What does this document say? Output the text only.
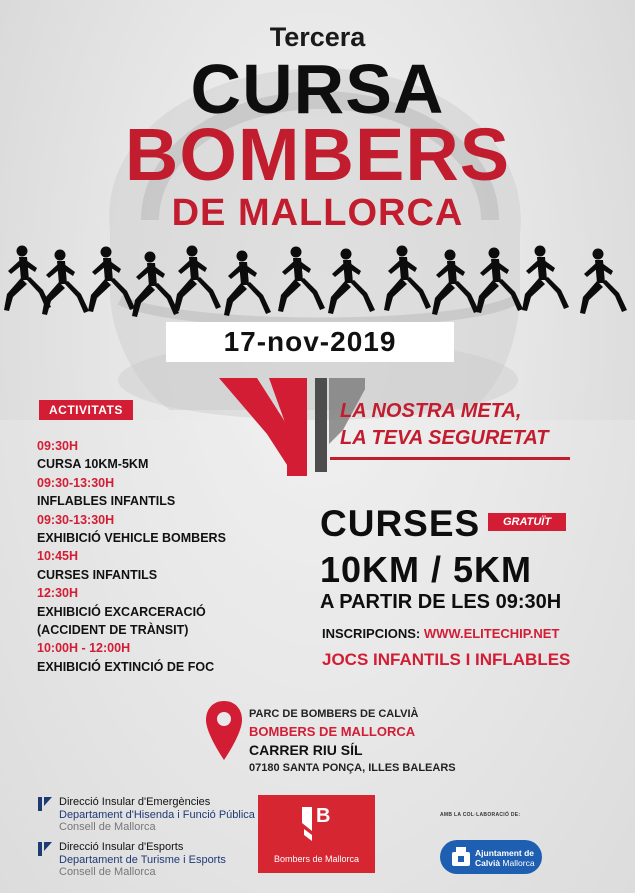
Tercera
CURSA
BOMBERS
DE MALLORCA
17-nov-2019
LA NOSTRA META,
LA TEVA SEGURETAT
ACTIVITATS
09:30H
CURSA 10KM-5KM
09:30-13:30H
INFLABLES INFANTILS
09:30-13:30H
EXHIBICIÓ VEHICLE BOMBERS
10:45H
CURSES INFANTILS
12:30H
EXHIBICIÓ EXCARCERACIÓ
(ACCIDENT DE TRÀNSIT)
10:00H - 12:00H
EXHIBICIÓ EXTINCIÓ DE FOC
CURSES	GRATUÏT
10KM / 5KM
A PARTIR DE LES 09:30H
INSCRIPCIONS: WWW.ELITECHIP.NET
JOCS INFANTILS I INFLABLES
PARC DE BOMBERS DE CALVIÀ
BOMBERS DE MALLORCA
CARRER RIU SÍL
07180 SANTA PONÇA, ILLES BALEARS
Direcció Insular d'Emergències
Departament d'Hisenda i Funció Pública
Consell de Mallorca
Direcció Insular d'Esports
Departament de Turisme i Esports
Consell de Mallorca
B
Bombers de Mallorca
AMB LA COL·LABORACIÓ DE:
Ajuntament de
Calvià Mallorca
